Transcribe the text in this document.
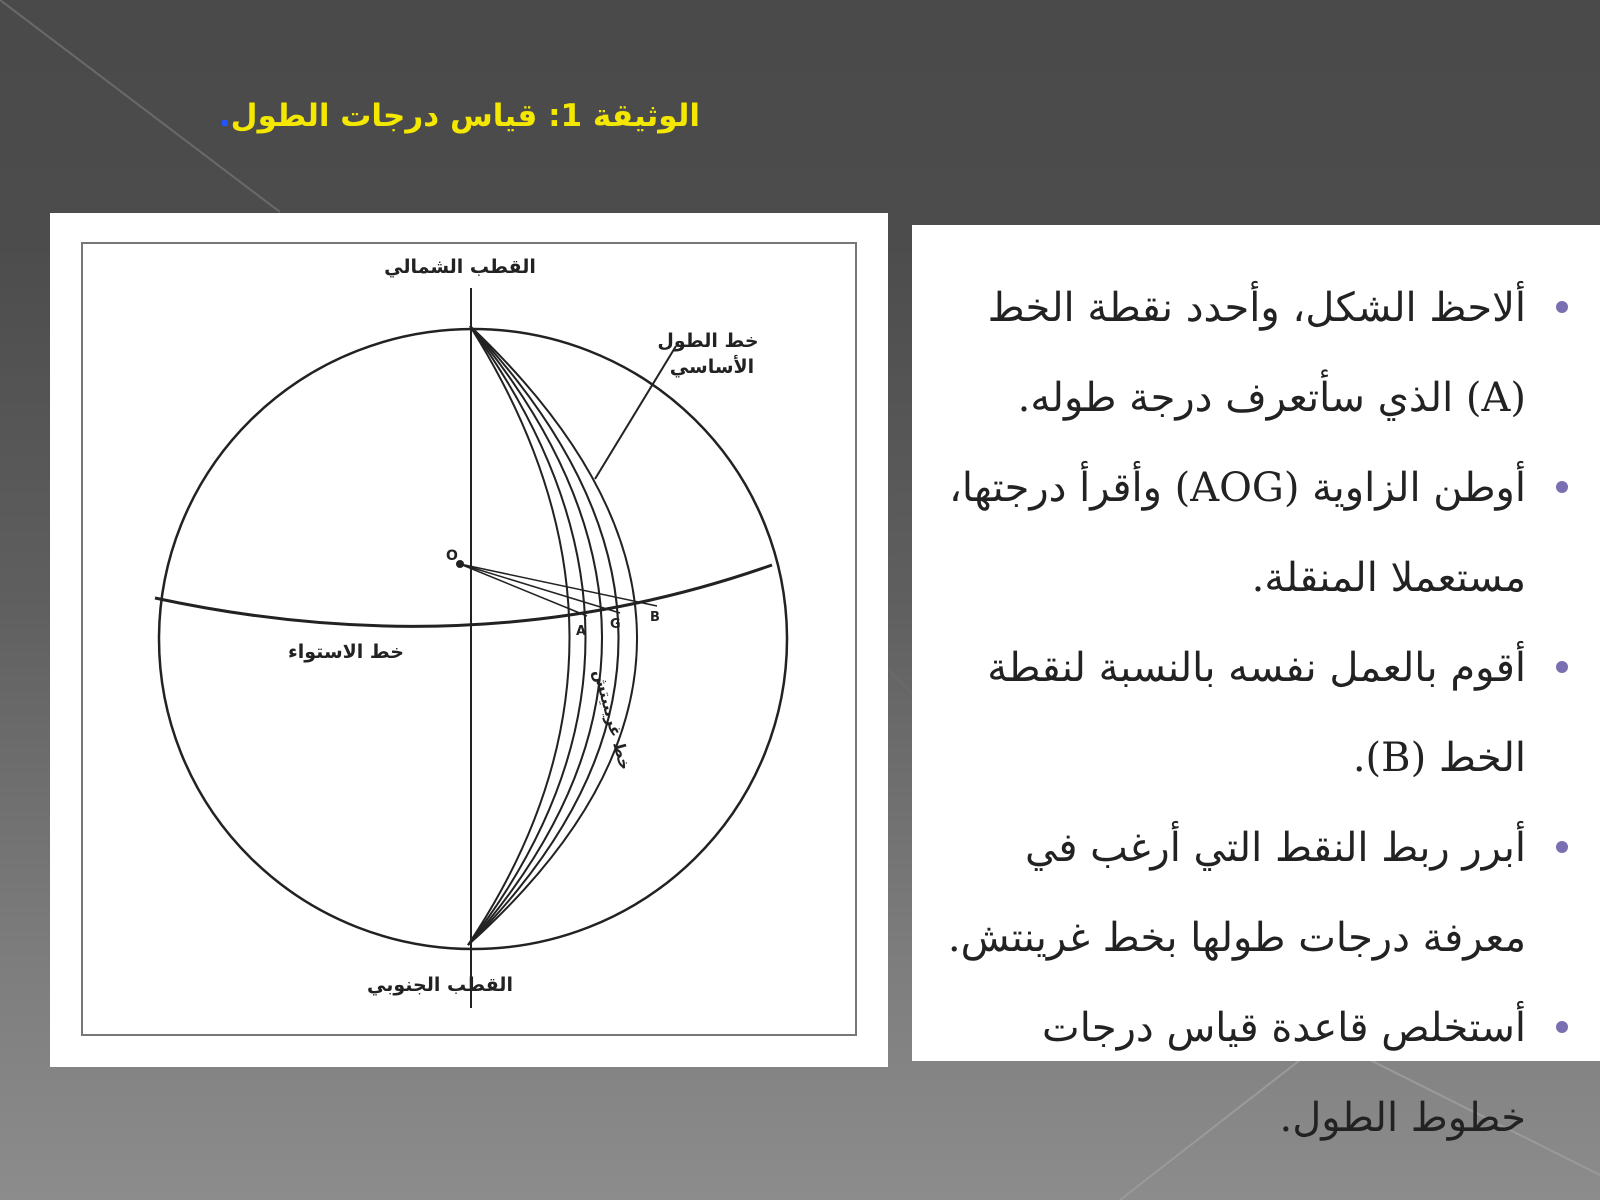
الوثيقة 1: قياس درجات الطول.
O
A G B
القطب الشمالي
القطب الجنوبي
خط الطول
الأساسي
خط الاستواء
خط غرينيتش
ألاحظ الشكل، وأحدد نقطة الخط (A) الذي سأتعرف درجة طوله.
أوطن الزاوية (AOG) وأقرأ درجتها، مستعملا المنقلة.
أقوم بالعمل نفسه بالنسبة لنقطة الخط (B).
أبرر ربط النقط التي أرغب في معرفة درجات طولها بخط غرينتش.
أستخلص قاعدة قياس درجات خطوط الطول.
